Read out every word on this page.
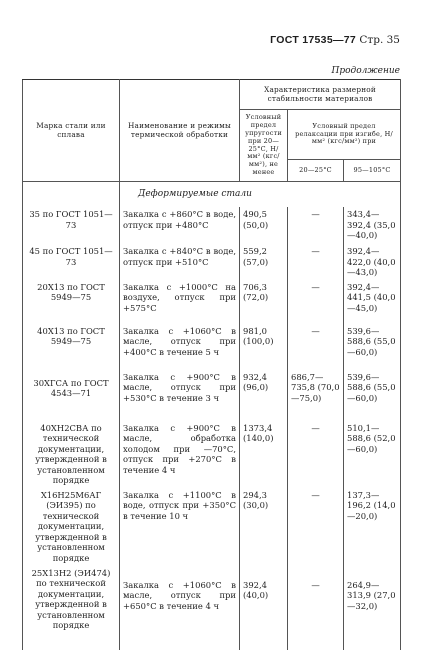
ГОСТ 17535—77 Стр. 35
Продолжение
Марка стали или сплава	Наименование и режимы термической обработки	Характеристика размерной стабильности материалов		
		Условный предел упругости при 20—25°С, Н/мм² (кгс/мм²), не менее	Условный предел релаксации при изгибе, Н/мм² (кгс/мм²) при	
			20—25°С	95—105°С
	Деформируемые стали			
35 по ГОСТ 1051—73	Закалка с +860°С в воде, отпуск при +480°С	490,5 (50,0)	—	343,4—392,4 (35,0—40,0)
45 по ГОСТ 1051—73	Закалка с +840°С в воде, отпуск при +510°С	559,2 (57,0)	—	392,4—422,0 (40,0—43,0)
20Х13 по ГОСТ 5949—75	Закалка с +1000°С на воздухе, отпуск при +575°С	706,3 (72,0)	—	392,4—441,5 (40,0—45,0)
40Х13 по ГОСТ 5949—75	Закалка с +1060°С в масле, отпуск при +400°С в течение 5 ч	981,0 (100,0)	—	539,6—588,6 (55,0—60,0)
30ХГСА по ГОСТ 4543—71	Закалка с +900°С в масле, отпуск при +530°С в течение 3 ч	932,4 (96,0)	686,7—735,8 (70,0—75,0)	539,6—588,6 (55,0—60,0)
40ХН2СВА по технической документации, утвержденной в установленном порядке	Закалка с +900°С в масле, обработка холодом при —70°С, отпуск при +270°С в течение 4 ч	1373,4 (140,0)	—	510,1—588,6 (52,0—60,0)
Х16Н25М6АГ (ЭИ395) по технической документации, утвержденной в установленном порядке	Закалка с +1100°С в воде, отпуск при +350°С в течение 10 ч	294,3 (30,0)	—	137,3—196,2 (14,0—20,0)
25Х13Н2 (ЭИ474) по технической документации, утвержденной в установленном порядке	Закалка с +1060°С в масле, отпуск при +650°С в течение 4 ч	392,4 (40,0)	—	264,9—313,9 (27,0—32,0)
